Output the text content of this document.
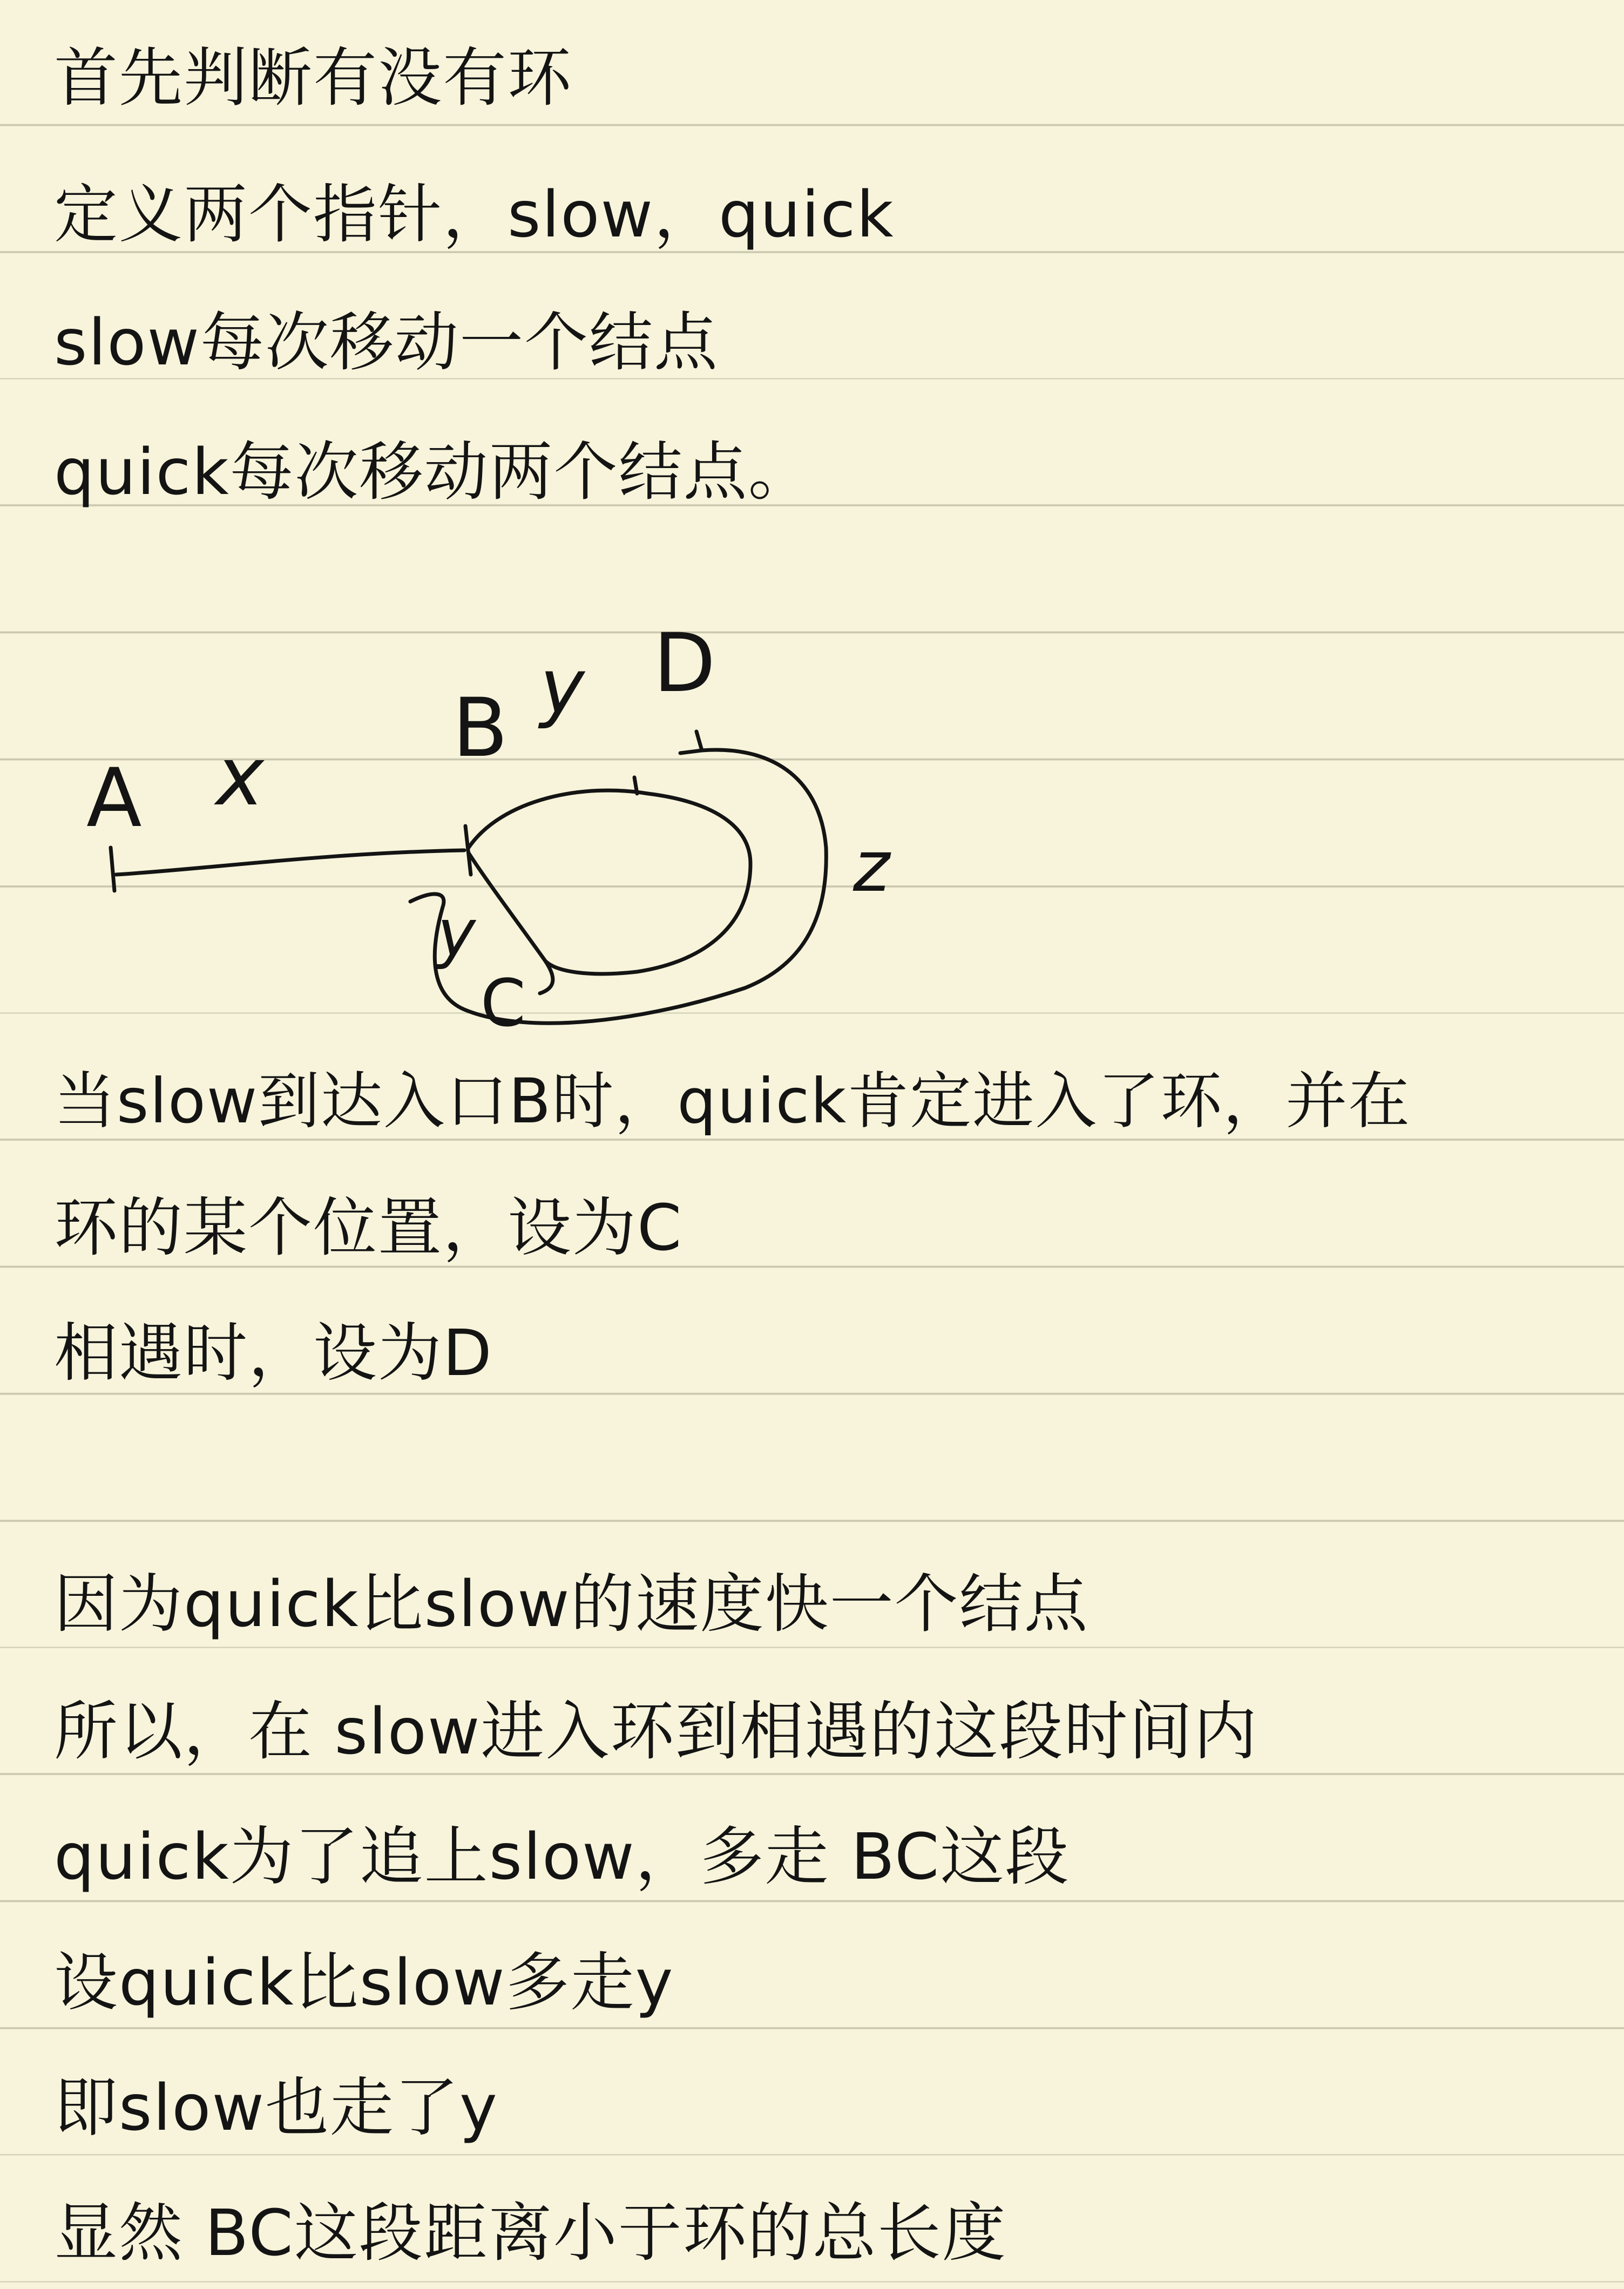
首先判断有没有环

定义两个指针，slow，quick

slow每次移动一个结点

quick每次移动两个结点。

A x
B y D
z
y
C

当slow到达入口B时，quick肯定进入了环，并在

环的某个位置，设为C

相遇时，设为D

因为quick比slow的速度快一个结点

所以，在 slow进入环到相遇的这段时间内

quick为了追上slow，多走 BC这段

设quick比slow多走y

即slow也走了y

显然 BC这段距离小于环的总长度
